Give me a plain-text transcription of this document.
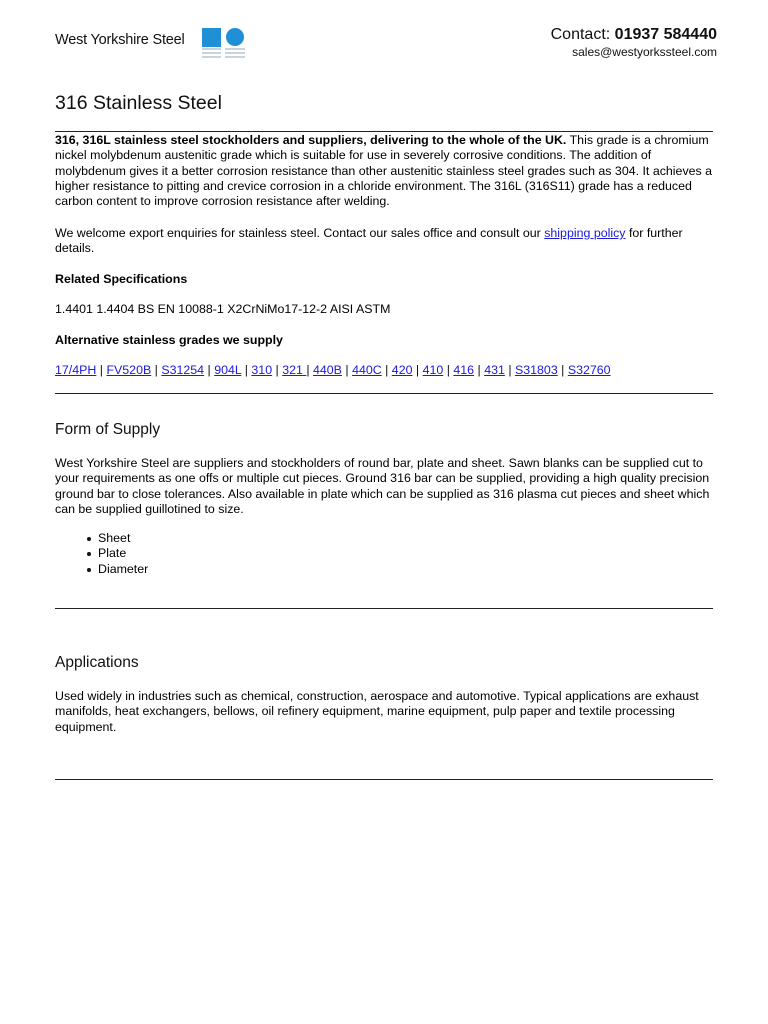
West Yorkshire Steel	Contact: 01937 584440
sales@westyorkssteel.com
316 Stainless Steel

316, 316L stainless steel stockholders and suppliers, delivering to the whole of the UK. This grade is a chromium nickel molybdenum austenitic grade which is suitable for use in severely corrosive conditions. The addition of molybdenum gives it a better corrosion resistance than other austenitic stainless steel grades such as 304. It achieves a higher resistance to pitting and crevice corrosion in a chloride environment. The 316L (316S11) grade has a reduced carbon content to improve corrosion resistance after welding.

We welcome export enquiries for stainless steel. Contact our sales office and consult our shipping policy for further details.

Related Specifications
1.4401 1.4404 BS EN 10088-1 X2CrNiMo17-12-2 AISI ASTM
Alternative stainless grades we supply
17/4PH | FV520B | S31254 | 904L | 310 | 321 | 440B | 440C | 420 | 410 | 416 | 431 | S31803 | S32760
Form of Supply

West Yorkshire Steel are suppliers and stockholders of round bar, plate and sheet. Sawn blanks can be supplied cut to your requirements as one offs or multiple cut pieces. Ground 316 bar can be supplied, providing a high quality precision ground bar to close tolerances. Also available in plate which can be supplied as 316 plasma cut pieces and sheet which can be supplied guillotined to size.

Sheet
Plate
Diameter
Applications

Used widely in industries such as chemical, construction, aerospace and automotive. Typical applications are exhaust manifolds, heat exchangers, bellows, oil refinery equipment, marine equipment, pulp paper and textile processing equipment.
